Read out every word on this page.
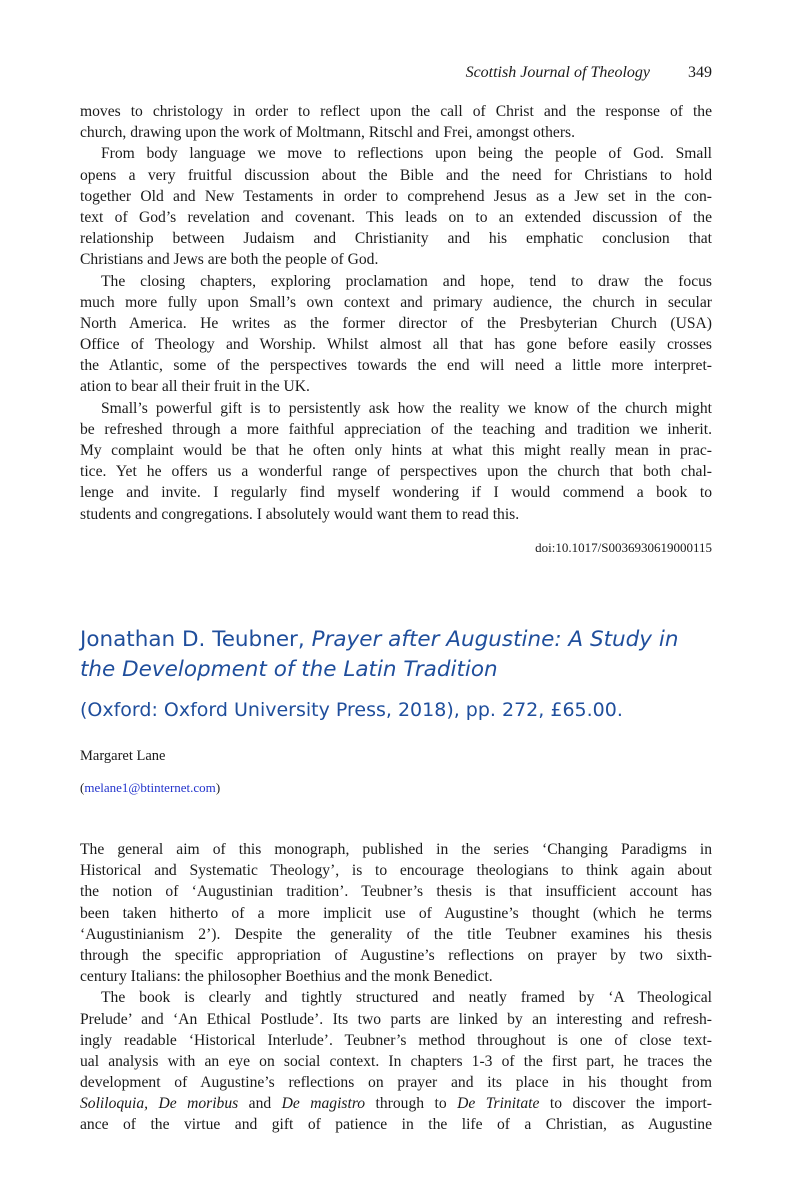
Scottish Journal of Theology 349
moves to christology in order to reflect upon the call of Christ and the response of the
church, drawing upon the work of Moltmann, Ritschl and Frei, amongst others.
From body language we move to reflections upon being the people of God. Small
opens a very fruitful discussion about the Bible and the need for Christians to hold
together Old and New Testaments in order to comprehend Jesus as a Jew set in the con-
text of God’s revelation and covenant. This leads on to an extended discussion of the
relationship between Judaism and Christianity and his emphatic conclusion that
Christians and Jews are both the people of God.
The closing chapters, exploring proclamation and hope, tend to draw the focus
much more fully upon Small’s own context and primary audience, the church in secular
North America. He writes as the former director of the Presbyterian Church (USA)
Office of Theology and Worship. Whilst almost all that has gone before easily crosses
the Atlantic, some of the perspectives towards the end will need a little more interpret-
ation to bear all their fruit in the UK.
Small’s powerful gift is to persistently ask how the reality we know of the church might
be refreshed through a more faithful appreciation of the teaching and tradition we inherit.
My complaint would be that he often only hints at what this might really mean in prac-
tice. Yet he offers us a wonderful range of perspectives upon the church that both chal-
lenge and invite. I regularly find myself wondering if I would commend a book to
students and congregations. I absolutely would want them to read this.
doi:10.1017/S0036930619000115
Jonathan D. Teubner, Prayer after Augustine: A Study in the Development of the Latin Tradition
(Oxford: Oxford University Press, 2018), pp. 272, £65.00.
Margaret Lane
(melane1@btinternet.com)
The general aim of this monograph, published in the series ‘Changing Paradigms in
Historical and Systematic Theology’, is to encourage theologians to think again about
the notion of ‘Augustinian tradition’. Teubner’s thesis is that insufficient account has
been taken hitherto of a more implicit use of Augustine’s thought (which he terms
‘Augustinianism 2’). Despite the generality of the title Teubner examines his thesis
through the specific appropriation of Augustine’s reflections on prayer by two sixth-
century Italians: the philosopher Boethius and the monk Benedict.
The book is clearly and tightly structured and neatly framed by ‘A Theological
Prelude’ and ‘An Ethical Postlude’. Its two parts are linked by an interesting and refresh-
ingly readable ‘Historical Interlude’. Teubner’s method throughout is one of close text-
ual analysis with an eye on social context. In chapters 1-3 of the first part, he traces the
development of Augustine’s reflections on prayer and its place in his thought from
Soliloquia, De moribus and De magistro through to De Trinitate to discover the import-
ance of the virtue and gift of patience in the life of a Christian, as Augustine
